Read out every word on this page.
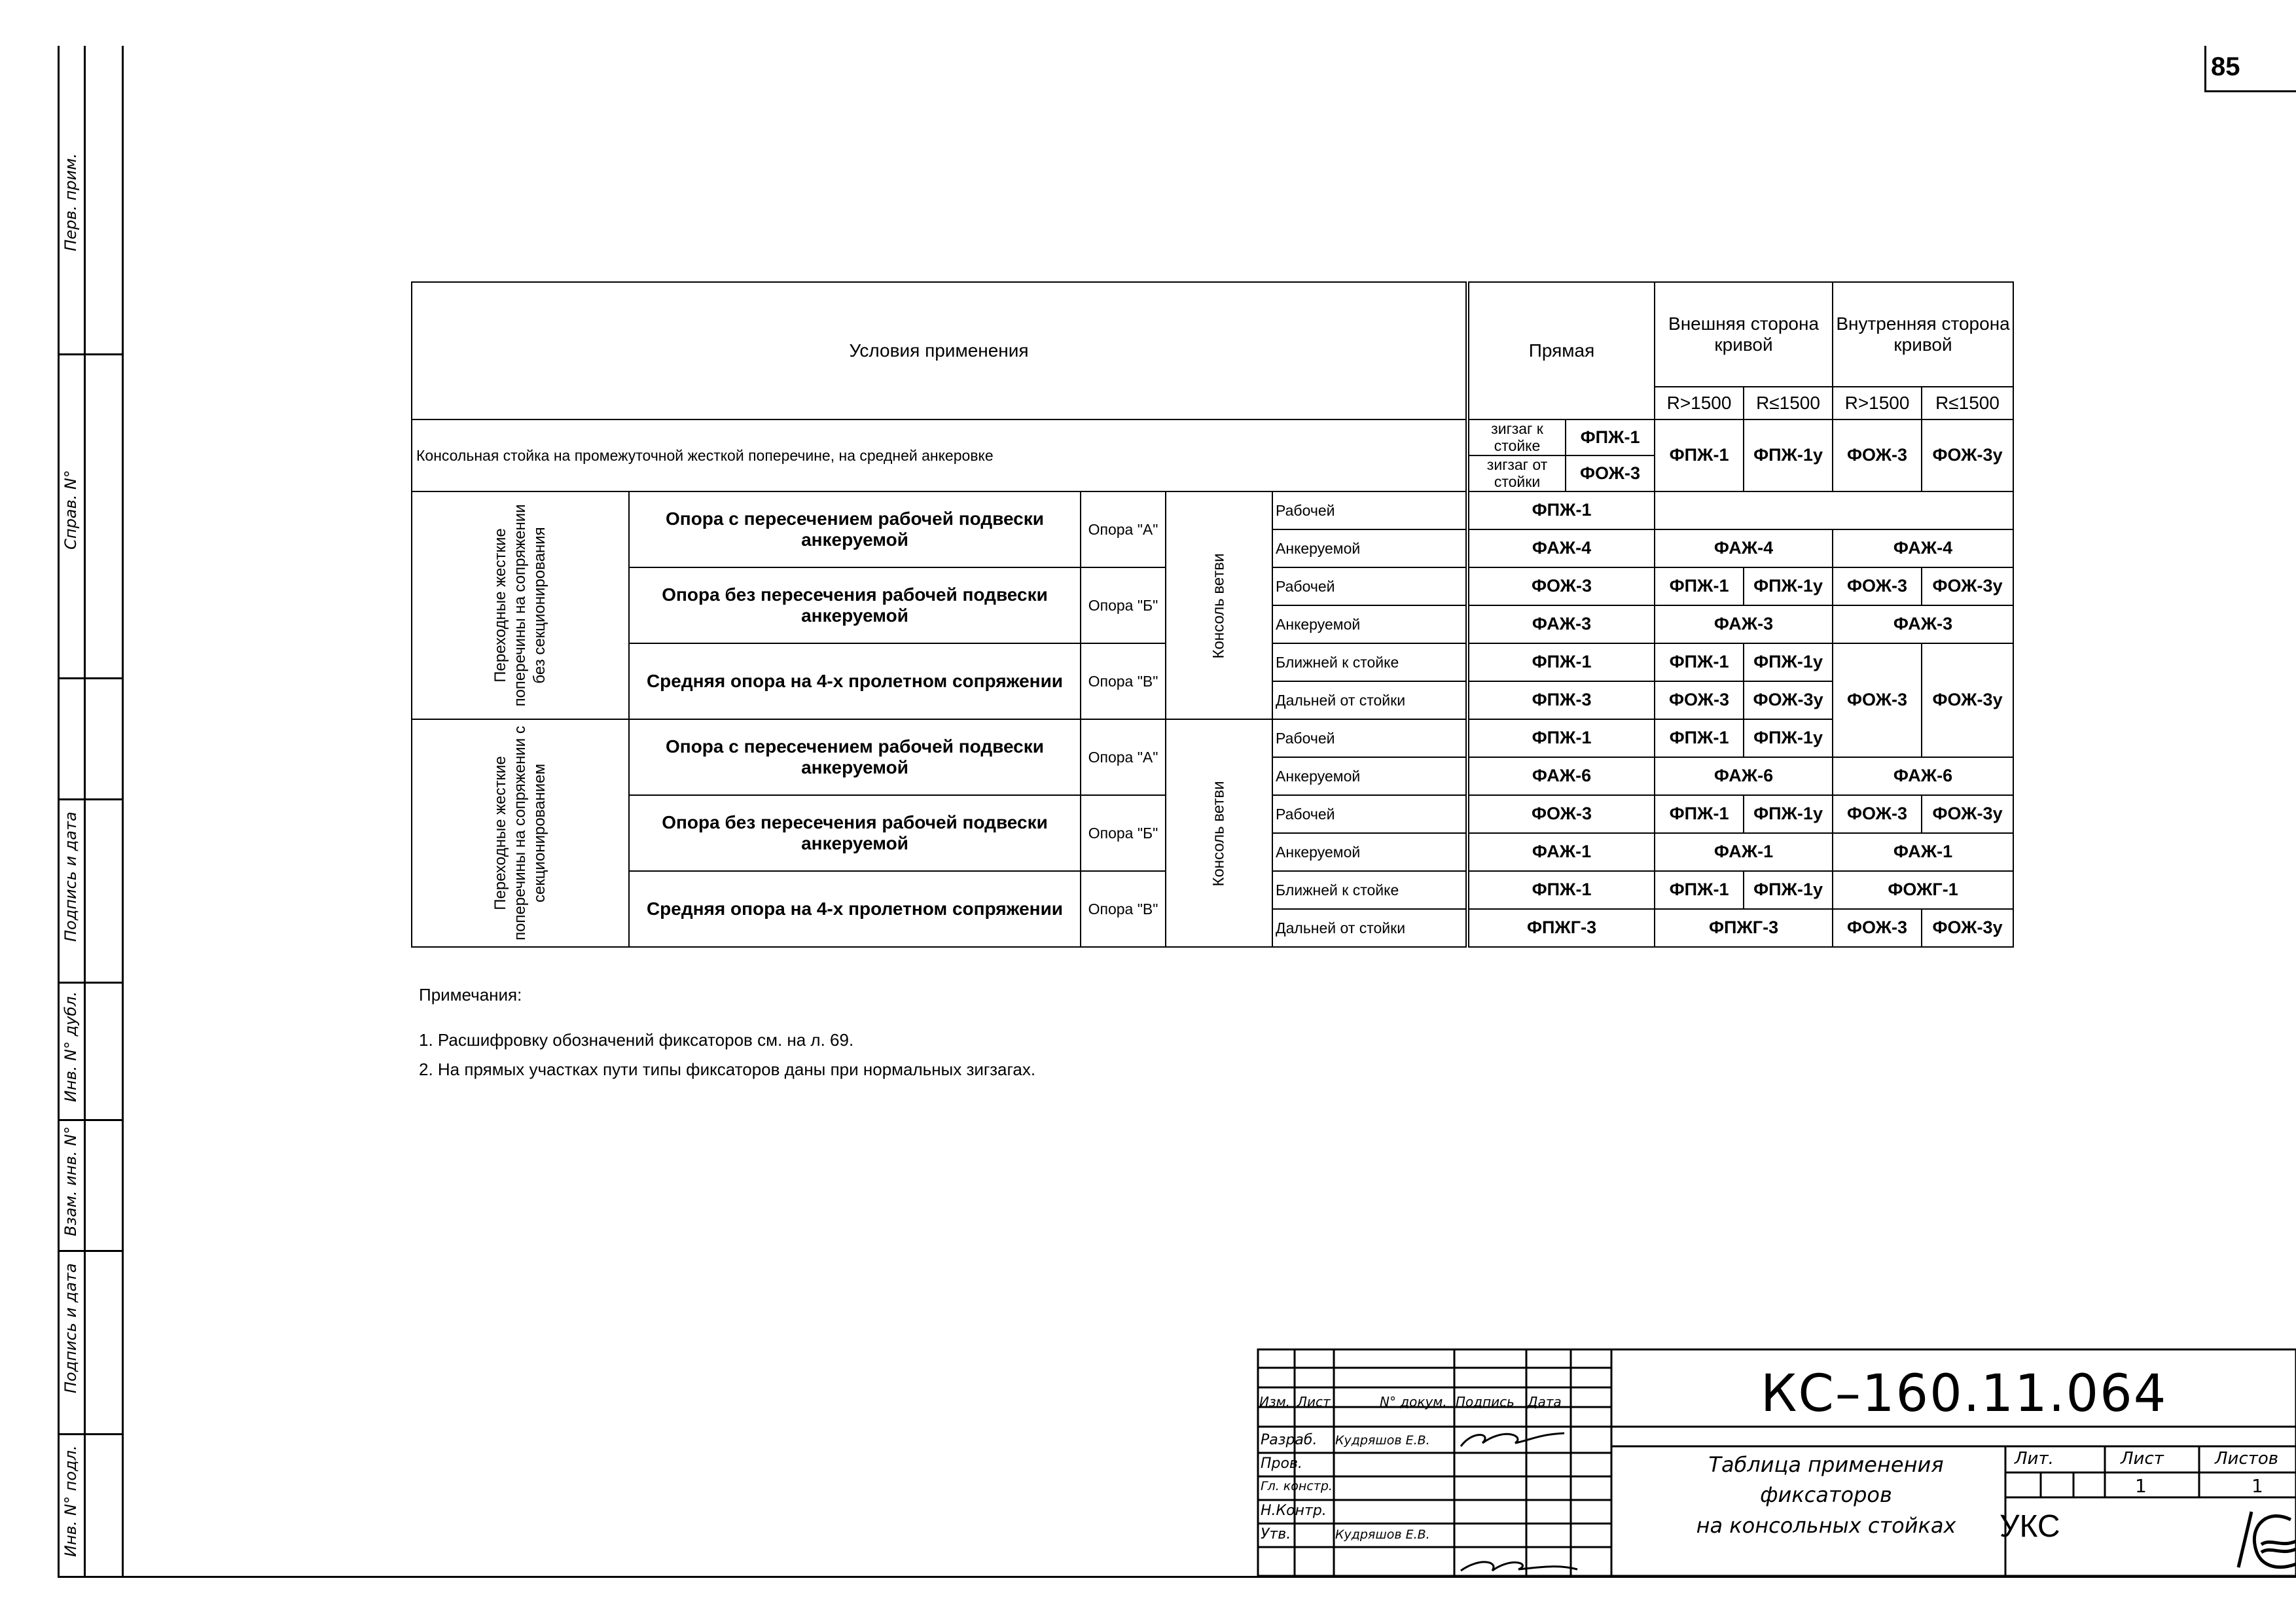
Перв. прим.
Справ. N°
Подпись и дата
Инв. N° дубл.
Взам. инв. N°
Подпись и дата
Инв. N° подл.
85
Условия применения					Прямая		Внешняя сторона кривой		Внутренняя сторона кривой	
							R>1500	R≤1500	R>1500	R≤1500
Консольная стойка на промежуточной жесткой поперечине, на средней анкеровке					зигзаг к стойке	ФПЖ-1	ФПЖ-1	ФПЖ-1у	ФОЖ-3	ФОЖ-3у
					зигзаг от стойки	ФОЖ-3				
Переходные жесткие поперечины на сопряжении без секционирования	Опора с пересечением рабочей подвески анкеруемой	Опора "А"	Консоль ветви	Рабочей	ФПЖ-1					
				Анкеруемой	ФАЖ-4		ФАЖ-4		ФАЖ-4	
	Опора без пересечения рабочей подвески анкеруемой	Опора "Б"		Рабочей	ФОЖ-3		ФПЖ-1	ФПЖ-1у	ФОЖ-3	ФОЖ-3у
				Анкеруемой	ФАЖ-3		ФАЖ-3		ФАЖ-3	
	Средняя опора на 4-х пролетном сопряжении	Опора "В"		Ближней к стойке	ФПЖ-1		ФПЖ-1	ФПЖ-1у	ФОЖ-3	ФОЖ-3у
				Дальней от стойки	ФПЖ-3		ФОЖ-3	ФОЖ-3у		
Переходные жесткие поперечины на сопряжении с секционированием	Опора с пересечением рабочей подвески анкеруемой	Опора "А"	Консоль ветви	Рабочей	ФПЖ-1		ФПЖ-1	ФПЖ-1у		
				Анкеруемой	ФАЖ-6		ФАЖ-6		ФАЖ-6	
	Опора без пересечения рабочей подвески анкеруемой	Опора "Б"		Рабочей	ФОЖ-3		ФПЖ-1	ФПЖ-1у	ФОЖ-3	ФОЖ-3у
				Анкеруемой	ФАЖ-1		ФАЖ-1		ФАЖ-1	
	Средняя опора на 4-х пролетном сопряжении	Опора "В"		Ближней к стойке	ФПЖ-1		ФПЖ-1	ФПЖ-1у	ФОЖГ-1	
				Дальней от стойки	ФПЖГ-3		ФПЖГ-3		ФОЖ-3	ФОЖ-3у
Примечания:
1. Расшифровку обозначений фиксаторов см. на л. 69.
2. На прямых участках пути типы фиксаторов даны при нормальных зигзагах.
Изм. Лист	N° докум. Подпись Дата
Разраб. Кудряшов Е.В.
Пров.
Гл. констр.
Н.Контр.
Утв.	Кудряшов Е.В.
КС–160.11.064
Таблица применения
фиксаторов
на консольных стойках
Лит.	Лист	Листов
1	1
УКС
